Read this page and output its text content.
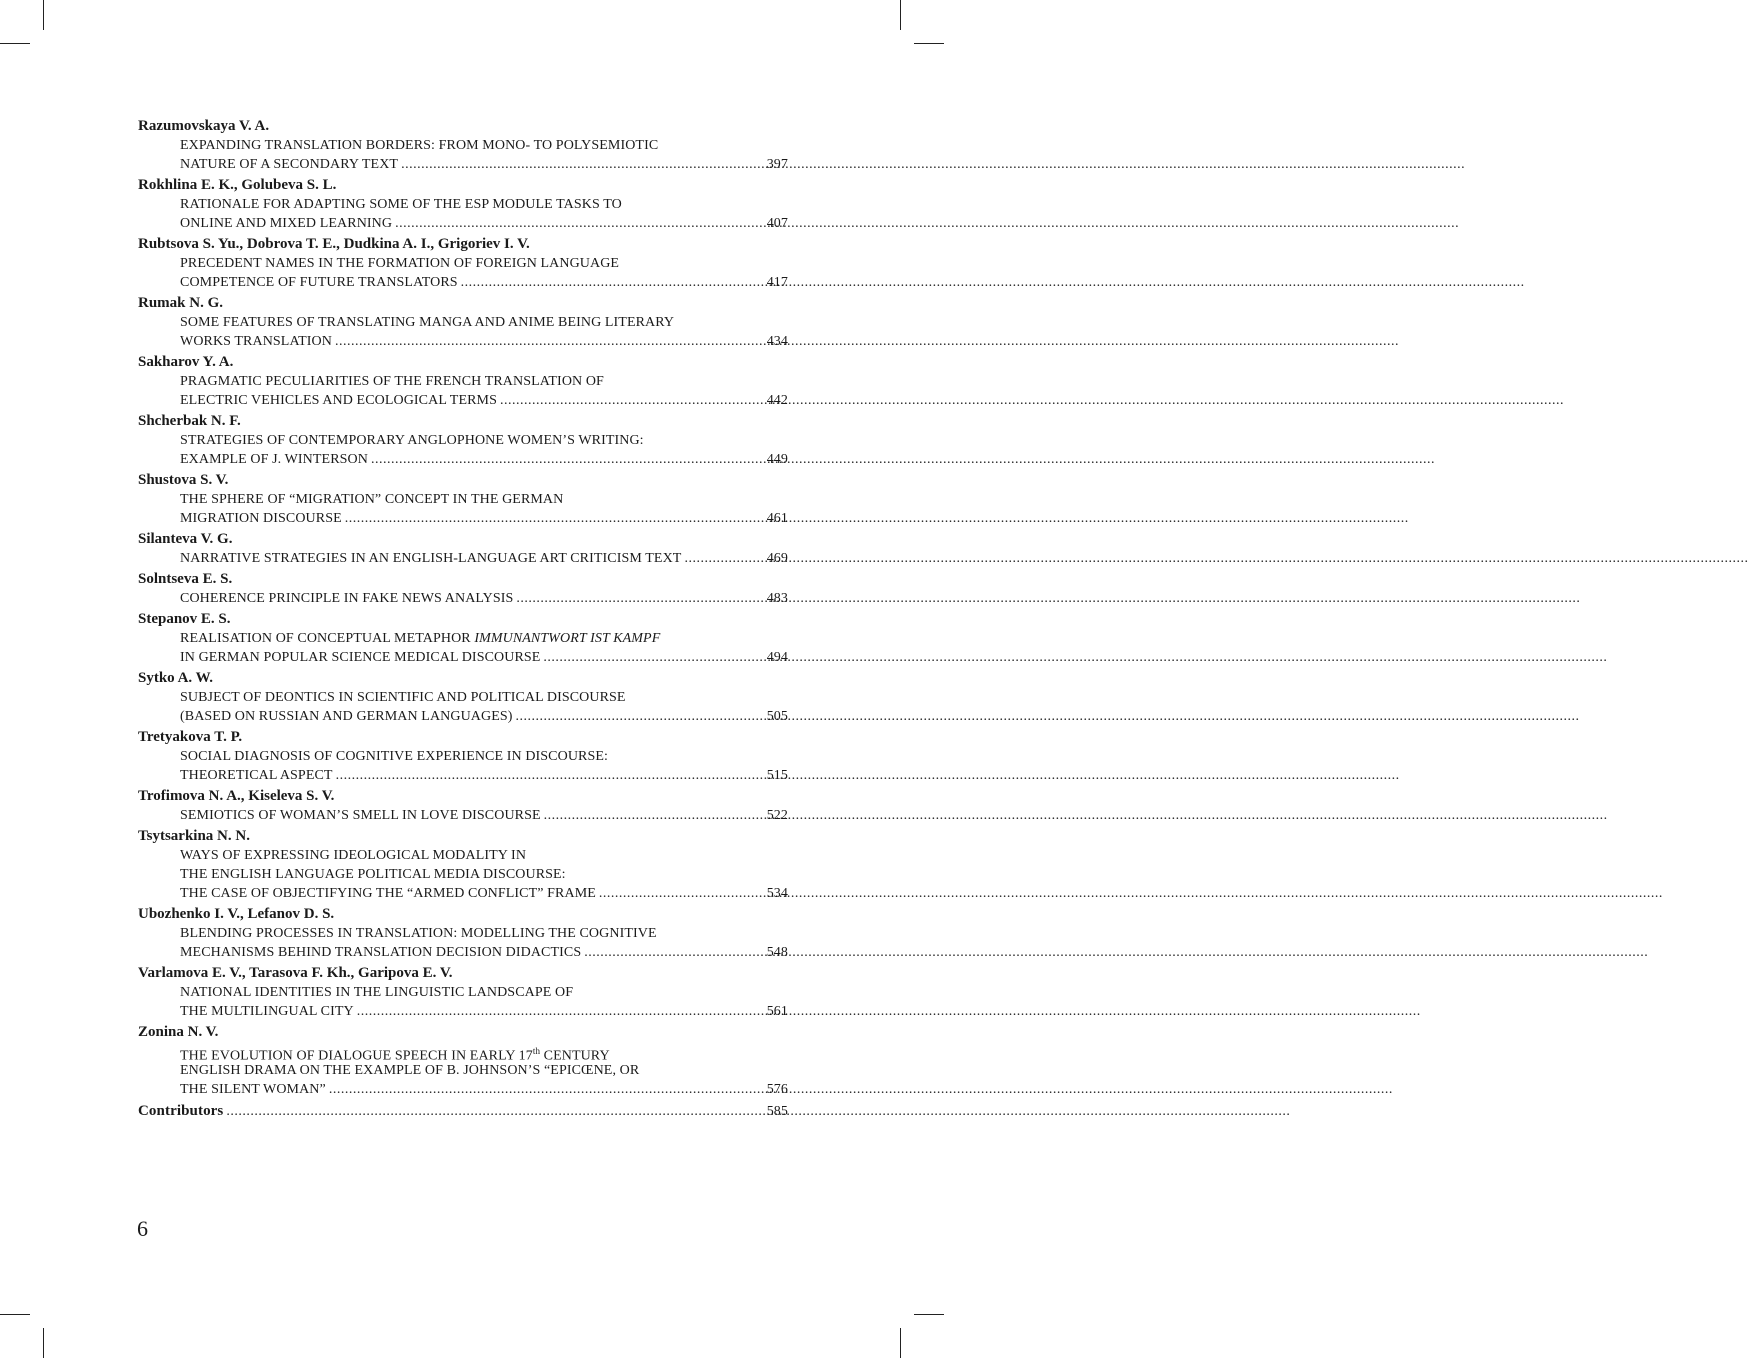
Razumovskaya V. A.
EXPANDING TRANSLATION BORDERS: FROM MONO- TO POLYSEMIOTIC
NATURE OF A SECONDARY TEXT .....	397
Rokhlina E. K., Golubeva S. L.
RATIONALE FOR ADAPTING SOME OF THE ESP MODULE TASKS TO
ONLINE AND MIXED LEARNING .....	407
Rubtsova S. Yu., Dobrova T. E., Dudkina A. I., Grigoriev I. V.
PRECEDENT NAMES IN THE FORMATION OF FOREIGN LANGUAGE
COMPETENCE OF FUTURE TRANSLATORS .....	417
Rumak N. G.
SOME FEATURES OF TRANSLATING MANGA AND ANIME BEING LITERARY
WORKS TRANSLATION .....	434
Sakharov Y. A.
PRAGMATIC PECULIARITIES OF THE FRENCH TRANSLATION OF
ELECTRIC VEHICLES AND ECOLOGICAL TERMS .....	442
Shcherbak N. F.
STRATEGIES OF CONTEMPORARY ANGLOPHONE WOMEN’S WRITING:
EXAMPLE OF J. WINTERSON .....	449
Shustova S. V.
THE SPHERE OF “MIGRATION” CONCEPT IN THE GERMAN
MIGRATION DISCOURSE .....	461
Silanteva V. G.
NARRATIVE STRATEGIES IN AN ENGLISH-LANGUAGE ART CRITICISM TEXT .....	469
Solntseva E. S.
COHERENCE PRINCIPLE IN FAKE NEWS ANALYSIS .....	483
Stepanov E. S.
REALISATION OF CONCEPTUAL METAPHOR IMMUNANTWORT IST KAMPF
IN GERMAN POPULAR SCIENCE MEDICAL DISCOURSE .....	494
Sytko A. W.
SUBJECT OF DEONTICS IN SCIENTIFIC AND POLITICAL DISCOURSE
(BASED ON RUSSIAN AND GERMAN LANGUAGES) .....	505
Tretyakova T. P.
SOCIAL DIAGNOSIS OF COGNITIVE EXPERIENCE IN DISCOURSE:
THEORETICAL ASPECT .....	515
Trofimova N. A., Kiseleva S. V.
SEMIOTICS OF WOMAN’S SMELL IN LOVE DISCOURSE .....	522
Tsytsarkina N. N.
WAYS OF EXPRESSING IDEOLOGICAL MODALITY IN
THE ENGLISH LANGUAGE POLITICAL MEDIA DISCOURSE:
THE CASE OF OBJECTIFYING THE “ARMED CONFLICT” FRAME .....	534
Ubozhenko I. V., Lefanov D. S.
BLENDING PROCESSES IN TRANSLATION: MODELLING THE COGNITIVE
MECHANISMS BEHIND TRANSLATION DECISION DIDACTICS .....	548
Varlamova E. V., Tarasova F. Kh., Garipova E. V.
NATIONAL IDENTITIES IN THE LINGUISTIC LANDSCAPE OF
THE MULTILINGUAL CITY .....	561
Zonina N. V.
THE EVOLUTION OF DIALOGUE SPEECH IN EARLY 17th CENTURY
ENGLISH DRAMA ON THE EXAMPLE OF B. JOHNSON’S “EPICŒNE, OR
THE SILENT WOMAN” .....	576
Contributors .....	585
6
